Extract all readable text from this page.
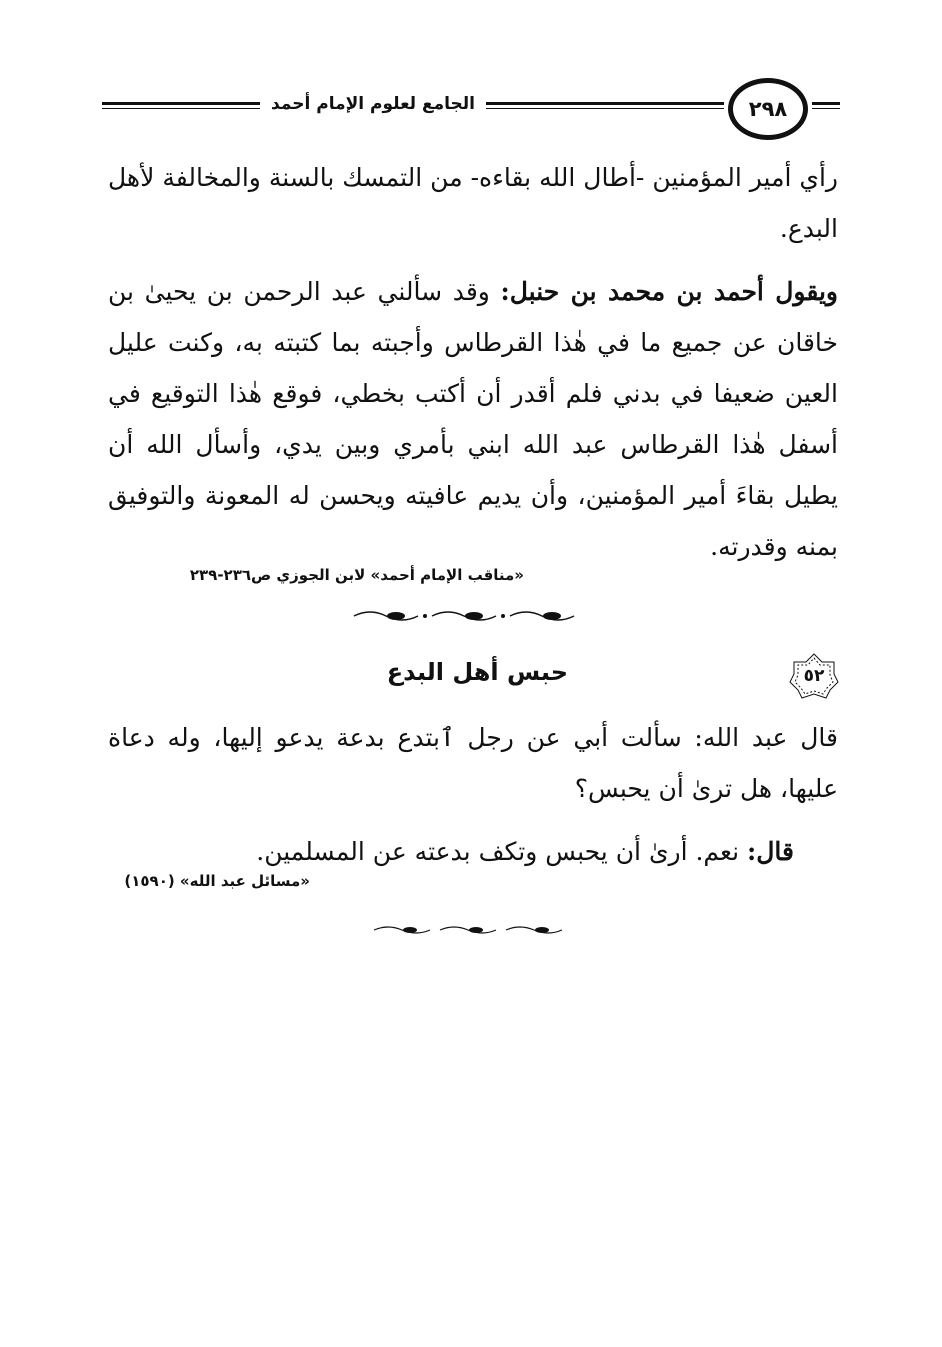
الجامع لعلوم الإمام أحمد	٢٩٨

رأي أمير المؤمنين -أطال الله بقاءه- من التمسك بالسنة والمخالفة لأهل البدع.

ويقول أحمد بن محمد بن حنبل: وقد سألني عبد الرحمن بن يحيىٰ بن خاقان عن جميع ما في هٰذا القرطاس وأجبته بما كتبته به، وكنت عليل العين ضعيفا في بدني فلم أقدر أن أكتب بخطي، فوقع هٰذا التوقيع في أسفل هٰذا القرطاس عبد الله ابني بأمري وبين يدي، وأسأل الله أن يطيل بقاءَ أمير المؤمنين، وأن يديم عافيته ويحسن له المعونة والتوفيق بمنه وقدرته.

«مناقب الإمام أحمد» لابن الجوزي ص٢٣٦-٢٣٩
٥٢
حبس أهل البدع

قال عبد الله: سألت أبي عن رجل ٱبتدع بدعة يدعو إليها، وله دعاة عليها، هل ترىٰ أن يحبس؟

قال: نعم. أرىٰ أن يحبس وتكف بدعته عن المسلمين.

«مسائل عبد الله» (١٥٩٠)
